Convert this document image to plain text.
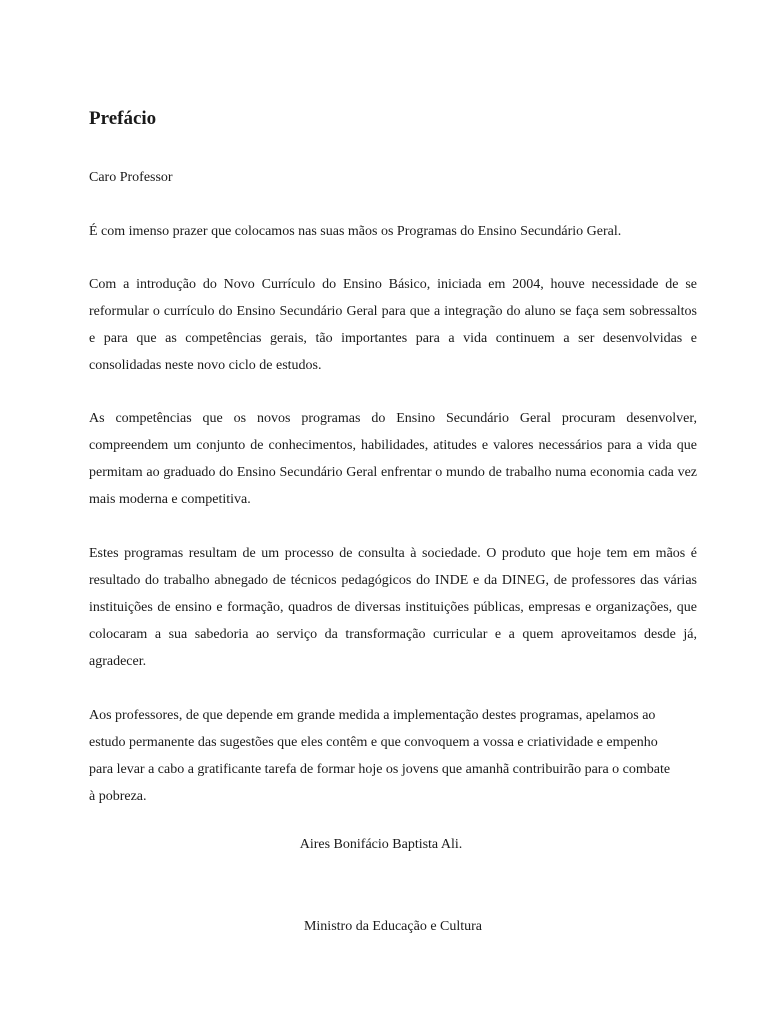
Prefácio

Caro Professor

É com imenso prazer que colocamos nas suas mãos os Programas do Ensino Secundário Geral.

Com a introdução do Novo Currículo do Ensino Básico, iniciada em 2004, houve necessidade de se reformular o currículo do Ensino Secundário Geral para que a integração do aluno se faça sem sobressaltos e para que as competências gerais, tão importantes para a vida continuem a ser desenvolvidas e consolidadas neste novo ciclo de estudos.

As competências que os novos programas do Ensino Secundário Geral procuram desenvolver, compreendem um conjunto de conhecimentos, habilidades, atitudes e valores necessários para a vida que permitam ao graduado do Ensino Secundário Geral enfrentar o mundo de trabalho numa economia cada vez mais moderna e competitiva.

Estes programas resultam de um processo de consulta à sociedade. O produto que hoje tem em mãos é resultado do trabalho abnegado de técnicos pedagógicos do INDE e da DINEG, de professores das várias instituições de ensino e formação, quadros de diversas instituições públicas, empresas e organizações, que colocaram a sua sabedoria ao serviço da transformação curricular e a quem aproveitamos desde já, agradecer.

Aos professores, de que depende em grande medida a implementação destes programas, apelamos ao estudo permanente das sugestões que eles contêm e que convoquem a vossa e criatividade e empenho para levar a cabo a gratificante tarefa de formar hoje os jovens que amanhã contribuirão para o combate à pobreza.

Aires Bonifácio Baptista Ali.

Ministro da Educação e Cultura
